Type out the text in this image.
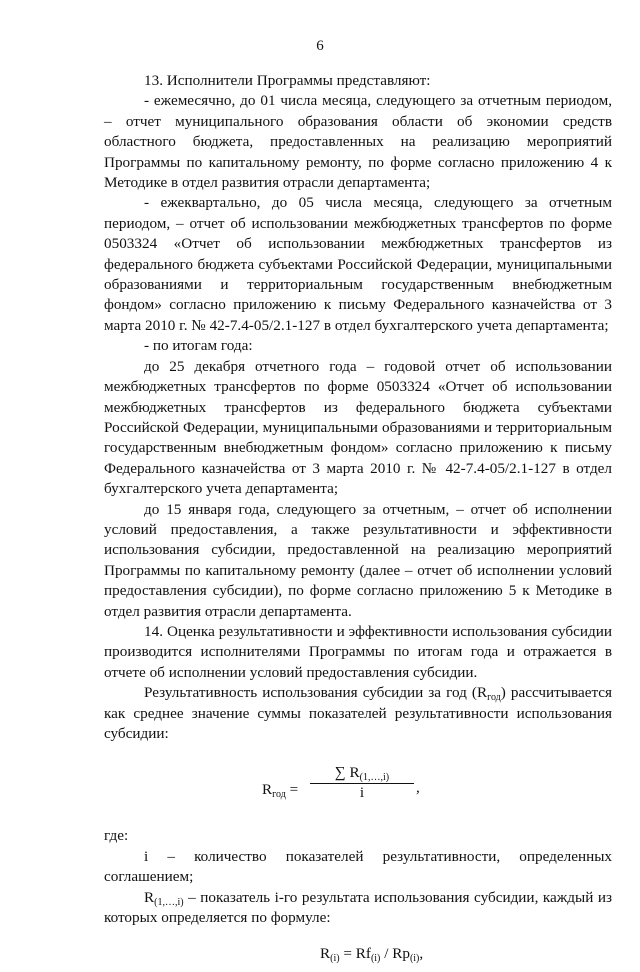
6

13. Исполнители Программы представляют:

- ежемесячно, до 01 числа месяца, следующего за отчетным периодом, – отчет муниципального образования области об экономии средств областного бюджета, предоставленных на реализацию мероприятий Программы по капитальному ремонту, по форме согласно приложению 4 к Методике в отдел развития отрасли департамента;

- ежеквартально, до 05 числа месяца, следующего за отчетным периодом, – отчет об использовании межбюджетных трансфертов по форме 0503324 «Отчет об использовании межбюджетных трансфертов из федерального бюджета субъектами Российской Федерации, муниципальными образованиями и территориальным государственным внебюджетным фондом» согласно приложению к письму Федерального казначейства от 3 марта 2010 г. № 42-7.4-05/2.1-127 в отдел бухгалтерского учета департамента;

- по итогам года:

до 25 декабря отчетного года – годовой отчет об использовании межбюджетных трансфертов по форме 0503324 «Отчет об использовании межбюджетных трансфертов из федерального бюджета субъектами Российской Федерации, муниципальными образованиями и территориальным государственным внебюджетным фондом» согласно приложению к письму Федерального казначейства от 3 марта 2010 г. № 42-7.4-05/2.1-127 в отдел бухгалтерского учета департамента;

до 15 января года, следующего за отчетным, – отчет об исполнении условий предоставления, а также результативности и эффективности использования субсидии, предоставленной на реализацию мероприятий Программы по капитальному ремонту (далее – отчет об исполнении условий предоставления субсидии), по форме согласно приложению 5 к Методике в отдел развития отрасли департамента.

14. Оценка результативности и эффективности использования субсидии производится исполнителями Программы по итогам года и отражается в отчете об исполнении условий предоставления субсидии.

Результативность использования субсидии за год $(R_{год})$ рассчитывается как среднее значение суммы показателей результативности использования субсидии:

$R_{год}$ =
∑ $R_{(1,\dots,i)}$
i	,

где:

i – количество показателей результативности, определенных соглашением;

$R_{(1,\dots,i)}$ – показатель i-го результата использования субсидии, каждый из которых определяется по формуле:

$R_{(i)} = Rf_{(i)} / Rp_{(i)}$,
